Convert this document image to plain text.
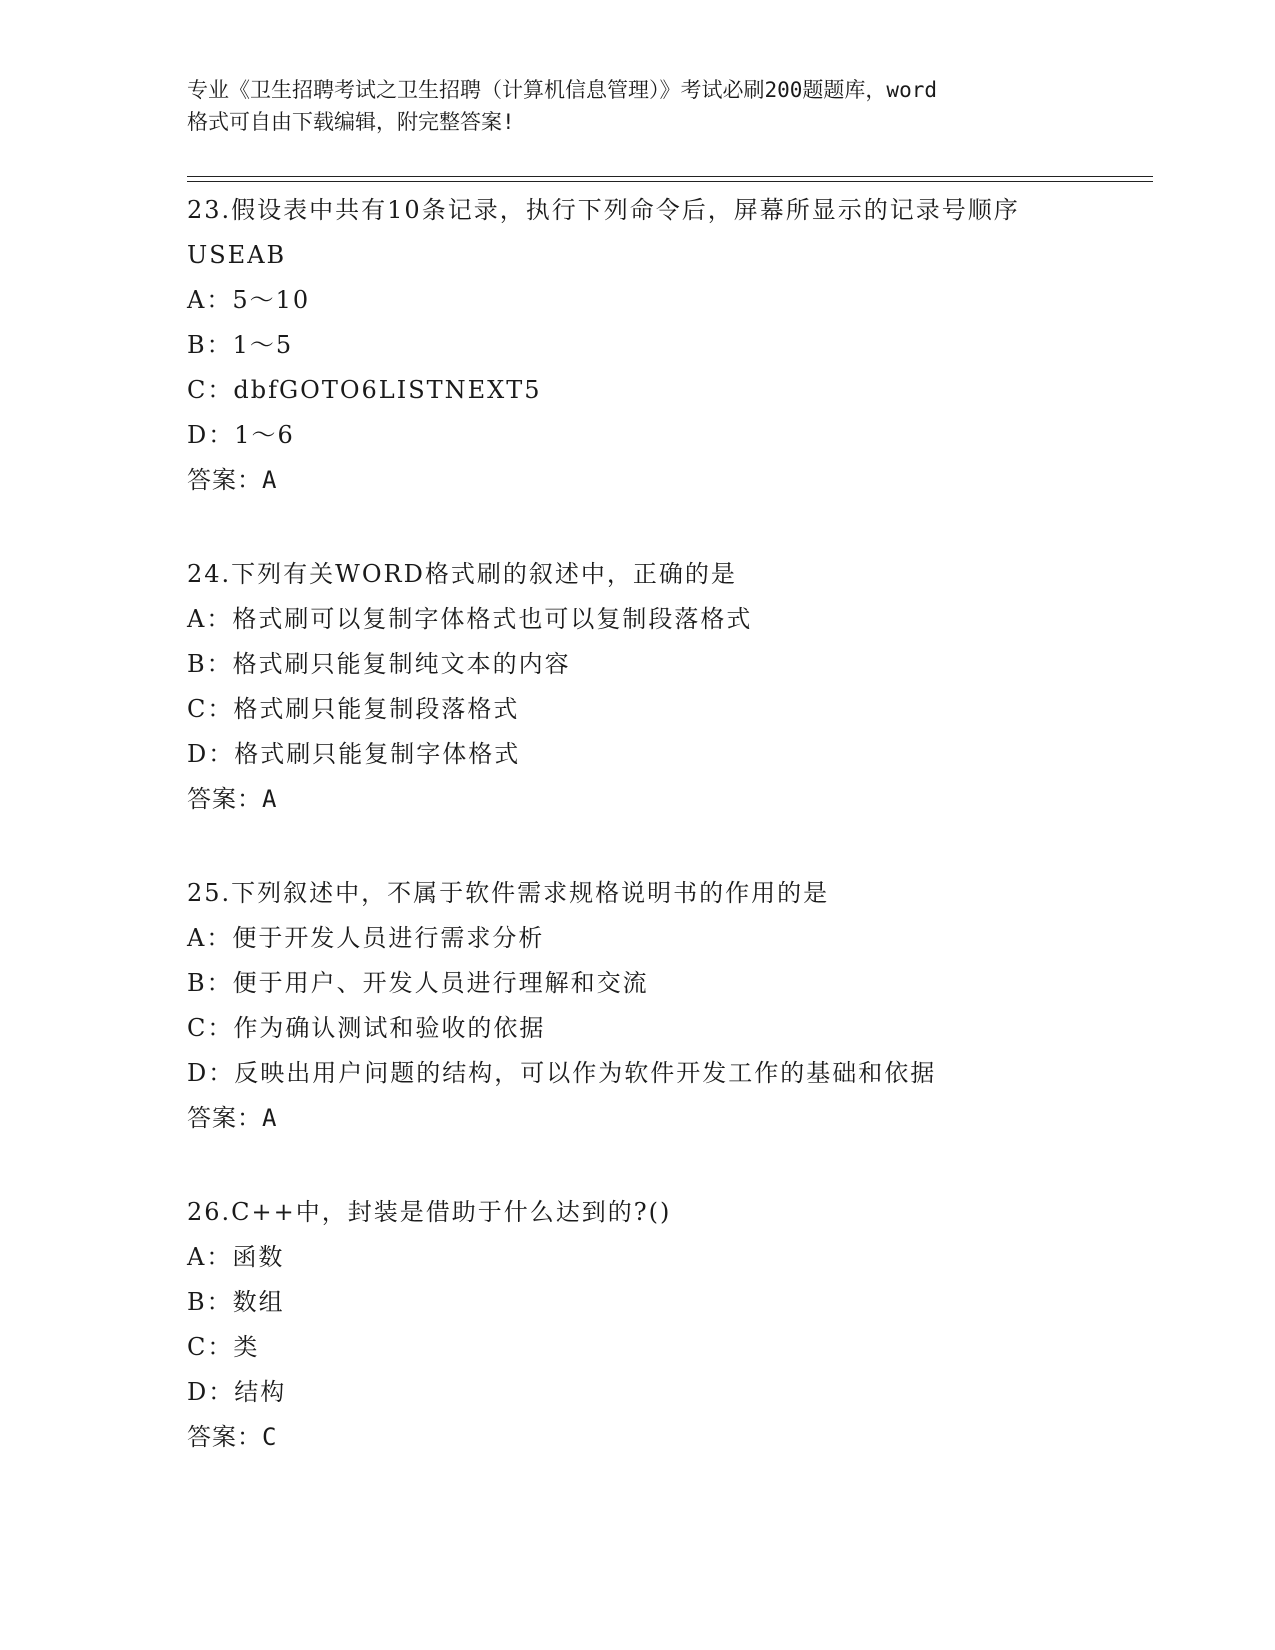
专业《卫生招聘考试之卫生招聘（计算机信息管理）》考试必刷200题题库，word
格式可自由下载编辑，附完整答案!
23.假设表中共有10条记录，执行下列命令后，屏幕所显示的记录号顺序USEAB
A：5～10
B：1～5
C：dbfGOTO6LISTNEXT5
D：1～6
答案：A
24.下列有关WORD格式刷的叙述中，正确的是
A：格式刷可以复制字体格式也可以复制段落格式
B：格式刷只能复制纯文本的内容
C：格式刷只能复制段落格式
D：格式刷只能复制字体格式
答案：A
25.下列叙述中，不属于软件需求规格说明书的作用的是
A：便于开发人员进行需求分析
B：便于用户、开发人员进行理解和交流
C：作为确认测试和验收的依据
D：反映出用户问题的结构，可以作为软件开发工作的基础和依据
答案：A
26.C++中，封装是借助于什么达到的?()
A：函数
B：数组
C：类
D：结构
答案：C
